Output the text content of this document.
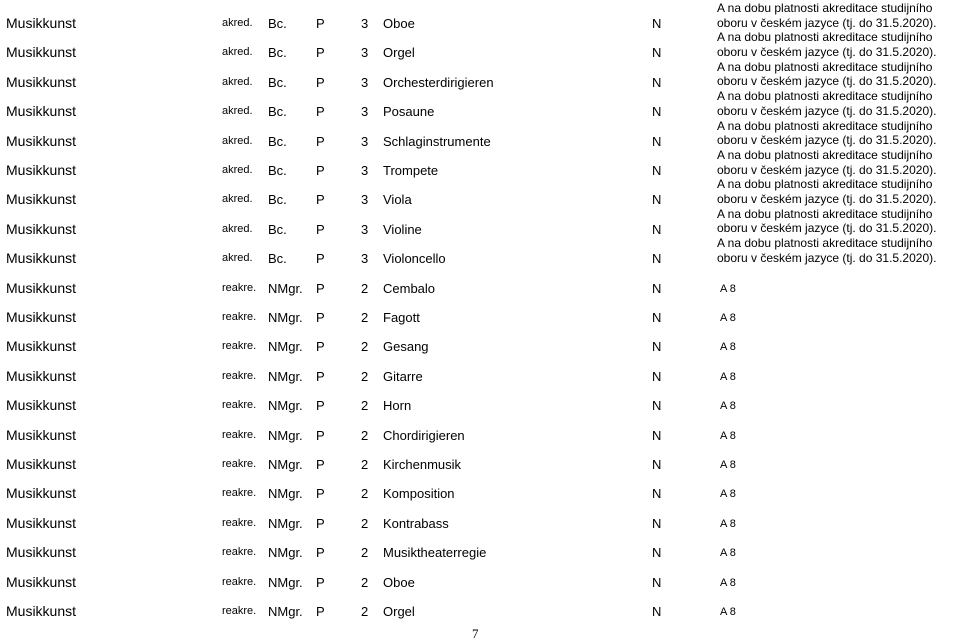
Musikkunst	akred. Bc. P	3 Oboe	N
A na dobu platnosti akreditace studijního
oboru v českém jazyce (tj. do 31.5.2020).
Musikkunst	akred. Bc. P	3 Orgel	N
A na dobu platnosti akreditace studijního
oboru v českém jazyce (tj. do 31.5.2020).
Musikkunst	akred. Bc. P	3 Orchesterdirigieren	N
A na dobu platnosti akreditace studijního
oboru v českém jazyce (tj. do 31.5.2020).
Musikkunst	akred. Bc. P	3 Posaune	N
A na dobu platnosti akreditace studijního
oboru v českém jazyce (tj. do 31.5.2020).
Musikkunst	akred. Bc. P	3 Schlaginstrumente	N
A na dobu platnosti akreditace studijního
oboru v českém jazyce (tj. do 31.5.2020).
Musikkunst	akred. Bc. P	3 Trompete	N
A na dobu platnosti akreditace studijního
oboru v českém jazyce (tj. do 31.5.2020).
Musikkunst	akred. Bc. P	3 Viola	N
A na dobu platnosti akreditace studijního
oboru v českém jazyce (tj. do 31.5.2020).
Musikkunst	akred. Bc. P	3 Violine	N
A na dobu platnosti akreditace studijního
oboru v českém jazyce (tj. do 31.5.2020).
Musikkunst	akred. Bc. P	3 Violoncello	N
A na dobu platnosti akreditace studijního
oboru v českém jazyce (tj. do 31.5.2020).
Musikkunst	reakre. NMgr. P	2 Cembalo	N	A 8
Musikkunst	reakre. NMgr. P	2 Fagott	N	A 8
Musikkunst	reakre. NMgr. P	2 Gesang	N	A 8
Musikkunst	reakre. NMgr. P	2 Gitarre	N	A 8
Musikkunst	reakre. NMgr. P	2 Horn	N	A 8
Musikkunst	reakre. NMgr. P	2 Chordirigieren	N	A 8
Musikkunst	reakre. NMgr. P	2 Kirchenmusik	N	A 8
Musikkunst	reakre. NMgr. P	2 Komposition	N	A 8
Musikkunst	reakre. NMgr. P	2 Kontrabass	N	A 8
Musikkunst	reakre. NMgr. P	2 Musiktheaterregie	N	A 8
Musikkunst	reakre. NMgr. P	2 Oboe	N	A 8
Musikkunst	reakre. NMgr. P	2 Orgel	N	A 8
7
